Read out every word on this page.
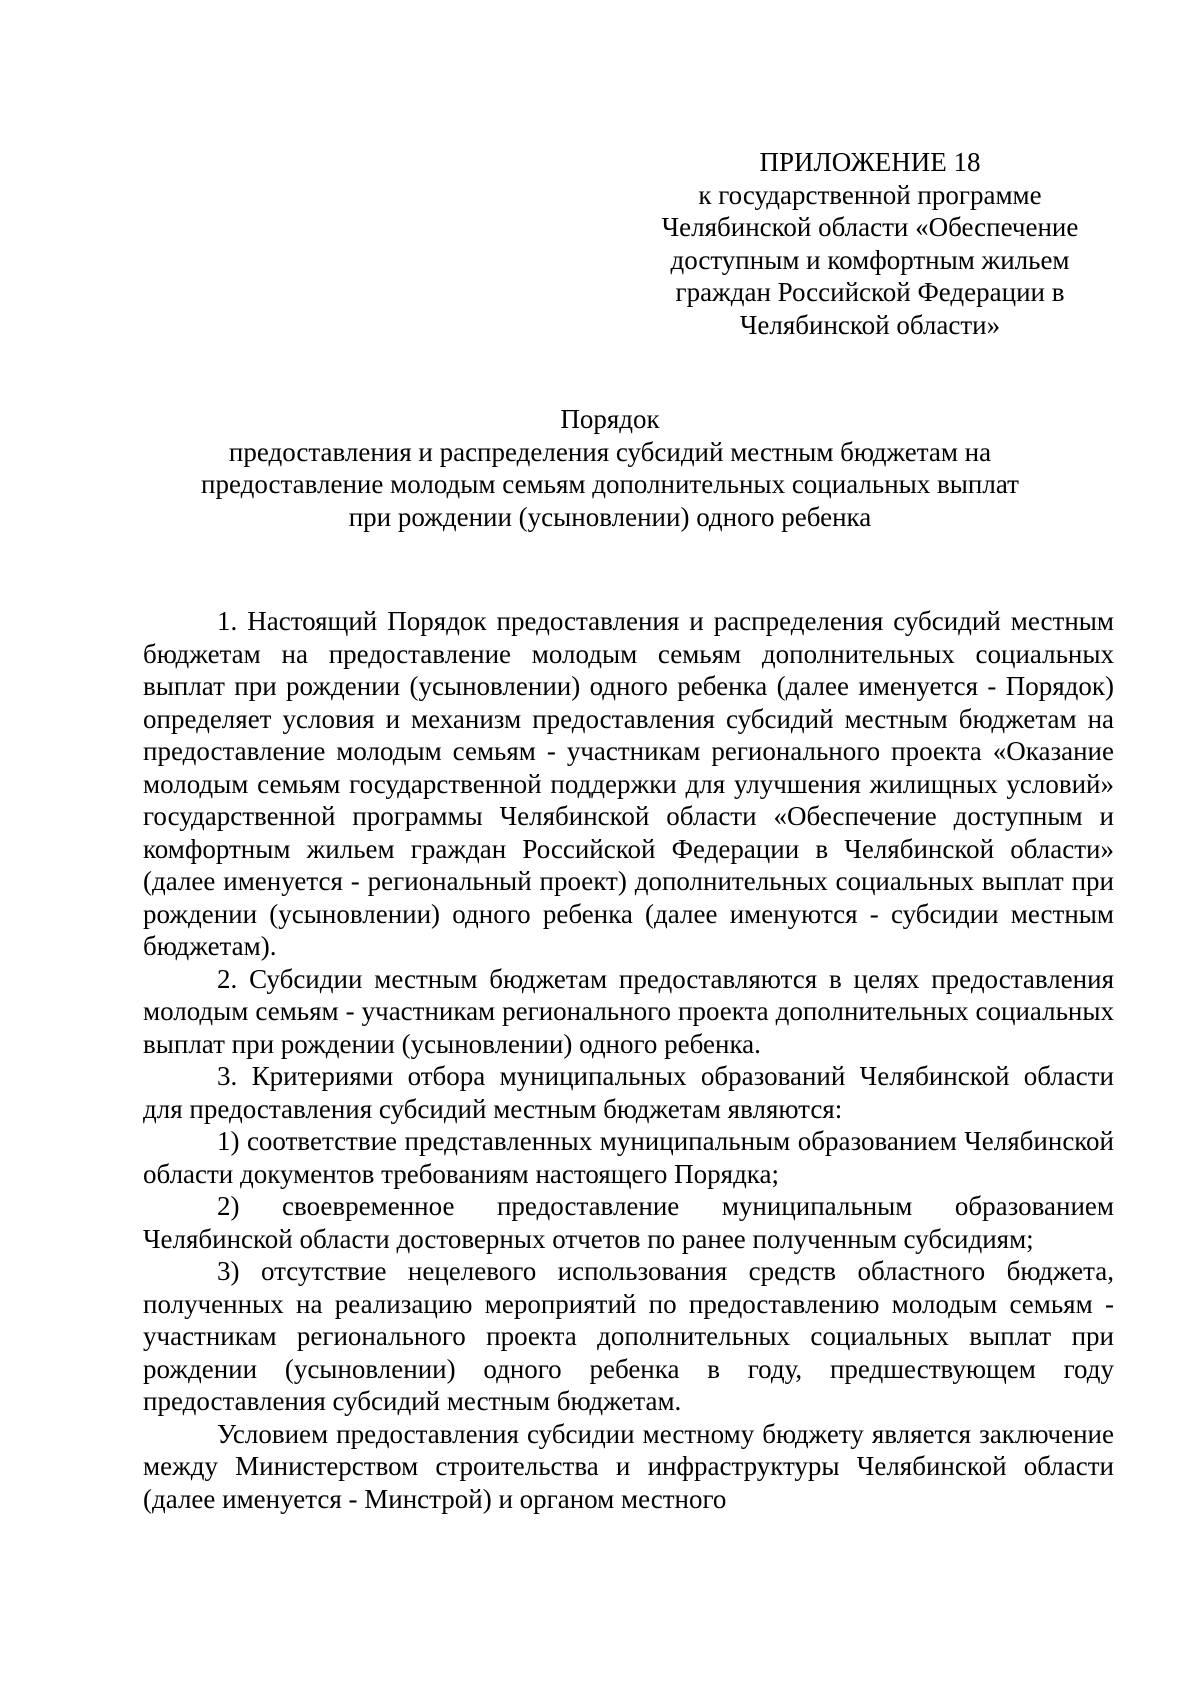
ПРИЛОЖЕНИЕ 18
к государственной программе
Челябинской области «Обеспечение
доступным и комфортным жильем
граждан Российской Федерации в
Челябинской области»
Порядок
предоставления и распределения субсидий местным бюджетам на
предоставление молодым семьям дополнительных социальных выплат
при рождении (усыновлении) одного ребенка

1. Настоящий Порядок предоставления и распределения субсидий местным бюджетам на предоставление молодым семьям дополнительных социальных выплат при рождении (усыновлении) одного ребенка (далее именуется - Порядок) определяет условия и механизм предоставления субсидий местным бюджетам на предоставление молодым семьям - участникам регионального проекта «Оказание молодым семьям государственной поддержки для улучшения жилищных условий» государственной программы Челябинской области «Обеспечение доступным и комфортным жильем граждан Российской Федерации в Челябинской области» (далее именуется - региональный проект) дополнительных социальных выплат при рождении (усыновлении) одного ребенка (далее именуются - субсидии местным бюджетам).

2. Субсидии местным бюджетам предоставляются в целях предоставления молодым семьям - участникам регионального проекта дополнительных социальных выплат при рождении (усыновлении) одного ребенка.

3. Критериями отбора муниципальных образований Челябинской области для предоставления субсидий местным бюджетам являются:

1) соответствие представленных муниципальным образованием Челябинской области документов требованиям настоящего Порядка;

2) своевременное предоставление муниципальным образованием Челябинской области достоверных отчетов по ранее полученным субсидиям;

3) отсутствие нецелевого использования средств областного бюджета, полученных на реализацию мероприятий по предоставлению молодым семьям - участникам регионального проекта дополнительных социальных выплат при рождении (усыновлении) одного ребенка в году, предшествующем году предоставления субсидий местным бюджетам.

Условием предоставления субсидии местному бюджету является заключение между Министерством строительства и инфраструктуры Челябинской области (далее именуется - Минстрой) и органом местного
